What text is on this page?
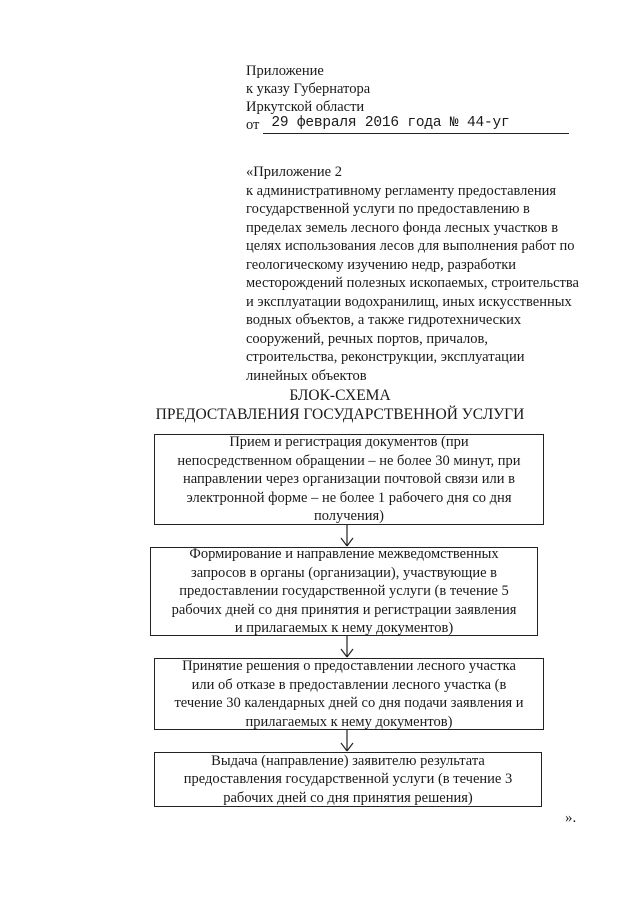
Приложение
к указу Губернатора
Иркутской области
от 29 февраля 2016 года № 44-уг
«Приложение 2
к административному регламенту предоставления
государственной услуги по предоставлению в
пределах земель лесного фонда лесных участков в
целях использования лесов для выполнения работ по
геологическому изучению недр, разработки
месторождений полезных ископаемых, строительства
и эксплуатации водохранилищ, иных искусственных
водных объектов, а также гидротехнических
сооружений, речных портов, причалов,
строительства, реконструкции, эксплуатации
линейных объектов
БЛОК-СХЕМА
ПРЕДОСТАВЛЕНИЯ ГОСУДАРСТВЕННОЙ УСЛУГИ
Прием и регистрация документов (при
непосредственном обращении – не более 30 минут, при
направлении через организации почтовой связи или в
электронной форме – не более 1 рабочего дня со дня
получения)
Формирование и направление межведомственных
запросов в органы (организации), участвующие в
предоставлении государственной услуги (в течение 5
рабочих дней со дня принятия и регистрации заявления
и прилагаемых к нему документов)
Принятие решения о предоставлении лесного участка
или об отказе в предоставлении лесного участка (в
течение 30 календарных дней со дня подачи заявления и
прилагаемых к нему документов)
Выдача (направление) заявителю результата
предоставления государственной услуги (в течение 3
рабочих дней со дня принятия решения)
».
